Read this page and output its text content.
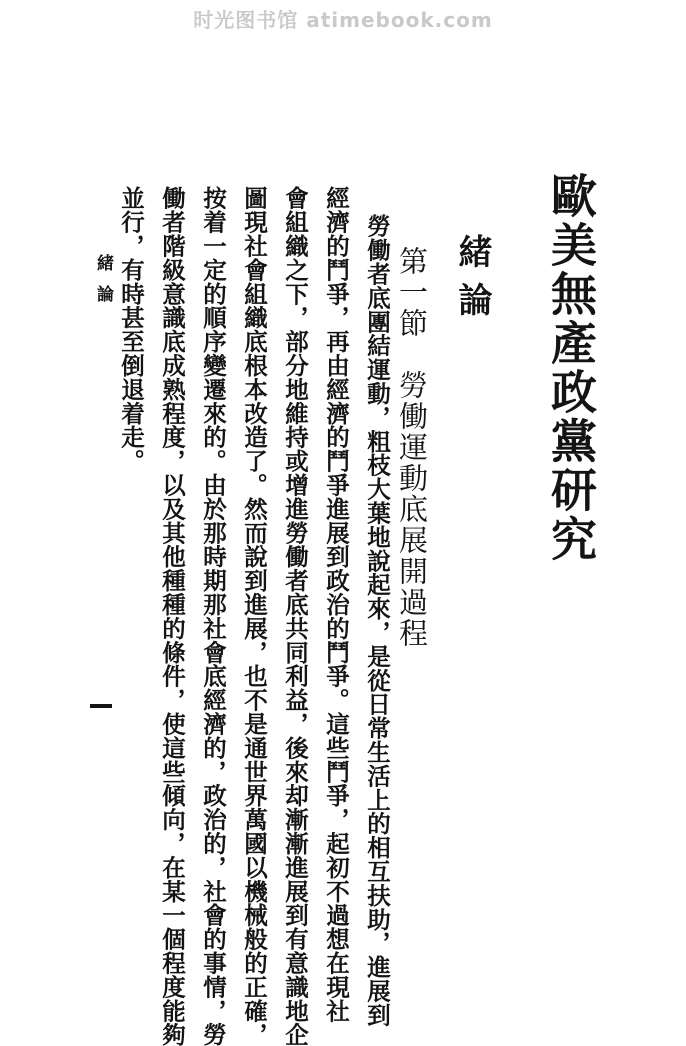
时光图书馆 atimebook.com
歐美無產政黨研究
緒論
第一節　勞働運動底展開過程
勞働者底團結運動，粗枝大葉地說起來，是從日常生活上的相互扶助，進展到
經濟的鬥爭，再由經濟的鬥爭進展到政治的鬥爭。這些鬥爭，起初不過想在現社
會組織之下，部分地維持或增進勞働者底共同利益，後來却漸漸進展到有意識地企
圖現社會組織底根本改造了。然而說到進展，也不是通世界萬國以機械般的正確，
按着一定的順序變遷來的。由於那時期那社會底經濟的，政治的，社會的事情，勞
働者階級意識底成熟程度，以及其他種種的條件，使這些傾向，在某一個程度能夠
並行，有時甚至倒退着走。
緒論
